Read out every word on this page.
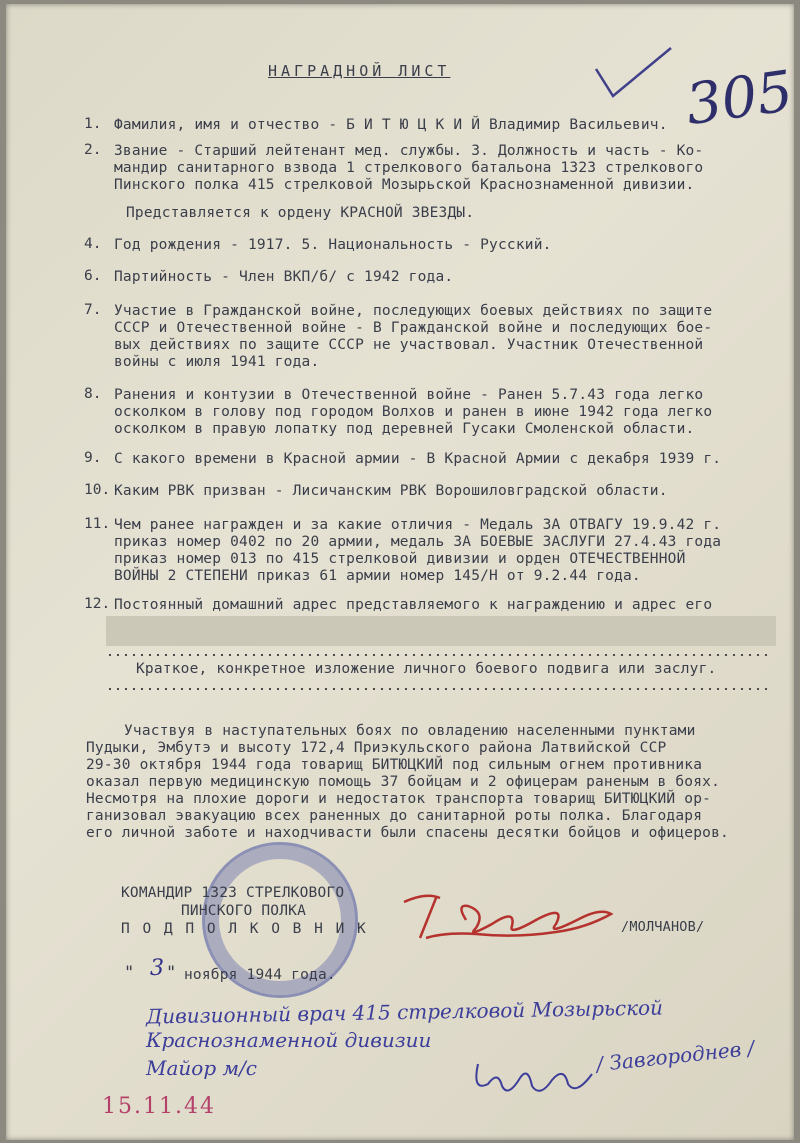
НАГРАДНОЙ ЛИСТ	305
1. Фамилия, имя и отчество - Б И Т Ю Ц К И Й Владимир Васильевич.
2. Звание - Старший лейтенант мед. службы. 3. Должность и часть - Ко-
мандир санитарного взвода 1 стрелкового батальона 1323 стрелкового
Пинского полка 415 стрелковой Мозырьской Краснознаменной дивизии.
Представляется к ордену КРАСНОЙ ЗВЕЗДЫ.
4. Год рождения - 1917. 5. Национальность - Русский.
6. Партийность - Член ВКП/б/ с 1942 года.
7. Участие в Гражданской войне, последующих боевых действиях по защите
СССР и Отечественной войне - В Гражданской войне и последующих бое-
вых действиях по защите СССР не участвовал. Участник Отечественной
войны с июля 1941 года.
8. Ранения и контузии в Отечественной войне - Ранен 5.7.43 года легко
осколком в голову под городом Волхов и ранен в июне 1942 года легко
осколком в правую лопатку под деревней Гусаки Смоленской области.
9. С какого времени в Красной армии - В Красной Армии с декабря 1939 г.
10. Каким РВК призван - Лисичанским РВК Ворошиловградской области.
11. Чем ранее награжден и за какие отличия - Медаль ЗА ОТВАГУ 19.9.42 г.
приказ номер 0402 по 20 армии, медаль ЗА БОЕВЫЕ ЗАСЛУГИ 27.4.43 года
приказ номер 013 по 415 стрелковой дивизии и орден ОТЕЧЕСТВЕННОЙ
ВОЙНЫ 2 СТЕПЕНИ приказ 61 армии номер 145/Н от 9.2.44 года.
12. Постоянный домашний адрес представляемого к награждению и адрес его
Краткое, конкретное изложение личного боевого подвига или заслуг.
Участвуя в наступательных боях по овладению населенными пунктами
Пудыки, Эмбутэ и высоту 172,4 Приэкульского района Латвийской ССР
29-30 октября 1944 года товарищ БИТЮЦКИЙ под сильным огнем противника
оказал первую медицинскую помощь 37 бойцам и 2 офицерам раненым в боях.
Несмотря на плохие дороги и недостаток транспорта товарищ БИТЮЦКИЙ ор-
ганизовал эвакуацию всех раненных до санитарной роты полка. Благодаря
его личной заботе и находчивасти были спасены десятки бойцов и офицеров.
КОМАНДИР 1323 СТРЕЛКОВОГО
ПИНСКОГО ПОЛКА
П О Д П О Л К О В Н И К	/МОЛЧАНОВ/
" 3 " ноября 1944 года.
Дивизионный врач 415 стрелковой Мозырьской
Краснознаменной дивизии
Майор м/с	/ Завгороднев /
15.11.44
